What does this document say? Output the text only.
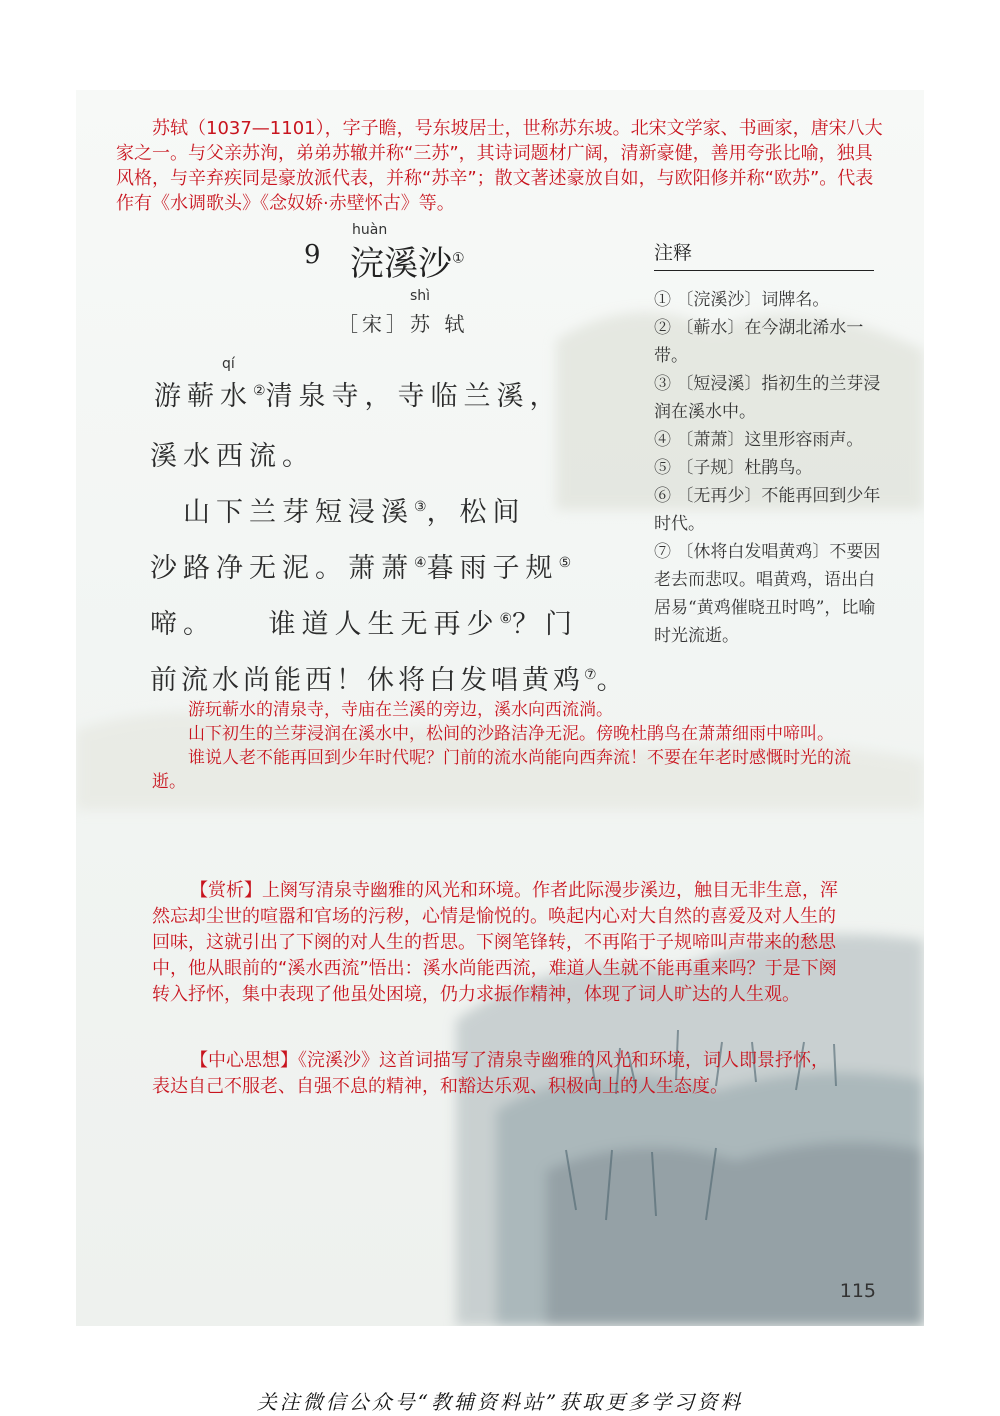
苏轼（1037—1101），字子瞻，号东坡居士，世称苏东坡。北宋文学家、书画家，唐宋八大家之一。与父亲苏洵，弟弟苏辙并称“三苏”，其诗词题材广阔，清新豪健，善用夸张比喻，独具风格，与辛弃疾同是豪放派代表，并称“苏辛”；散文著述豪放自如，与欧阳修并称“欧苏”。代表作有《水调歌头》《念奴娇·赤壁怀古》等。

9
huàn
浣溪沙①
shì
［宋］苏 轼
qí
游蕲水②清泉寺，寺临兰溪，
溪水西流。
　山下兰芽短浸溪③，松间
沙路净无泥。萧萧④暮雨子规⑤
啼。　　谁道人生无再少⑥？门
前流水尚能西！休将白发唱黄鸡⑦。
注释
① 〔浣溪沙〕词牌名。
② 〔蕲水〕在今湖北浠水一带。
③ 〔短浸溪〕指初生的兰芽浸润在溪水中。
④ 〔萧萧〕这里形容雨声。
⑤ 〔子规〕杜鹃鸟。
⑥ 〔无再少〕不能再回到少年时代。
⑦ 〔休将白发唱黄鸡〕不要因老去而悲叹。唱黄鸡，语出白居易“黄鸡催晓丑时鸣”，比喻时光流逝。

游玩蕲水的清泉寺，寺庙在兰溪的旁边，溪水向西流淌。

山下初生的兰芽浸润在溪水中，松间的沙路洁净无泥。傍晚杜鹃鸟在萧萧细雨中啼叫。

谁说人老不能再回到少年时代呢？门前的流水尚能向西奔流！不要在年老时感慨时光的流逝。

【赏析】上阕写清泉寺幽雅的风光和环境。作者此际漫步溪边，触目无非生意，浑然忘却尘世的喧嚣和官场的污秽，心情是愉悦的。唤起内心对大自然的喜爱及对人生的回味，这就引出了下阕的对人生的哲思。下阕笔锋转，不再陷于子规啼叫声带来的愁思中，他从眼前的“溪水西流”悟出：溪水尚能西流，难道人生就不能再重来吗？于是下阕转入抒怀，集中表现了他虽处困境，仍力求振作精神，体现了词人旷达的人生观。

【中心思想】《浣溪沙》这首词描写了清泉寺幽雅的风光和环境，词人即景抒怀，表达自己不服老、自强不息的精神，和豁达乐观、积极向上的人生态度。

115
关注微信公众号“教辅资料站”获取更多学习资料
